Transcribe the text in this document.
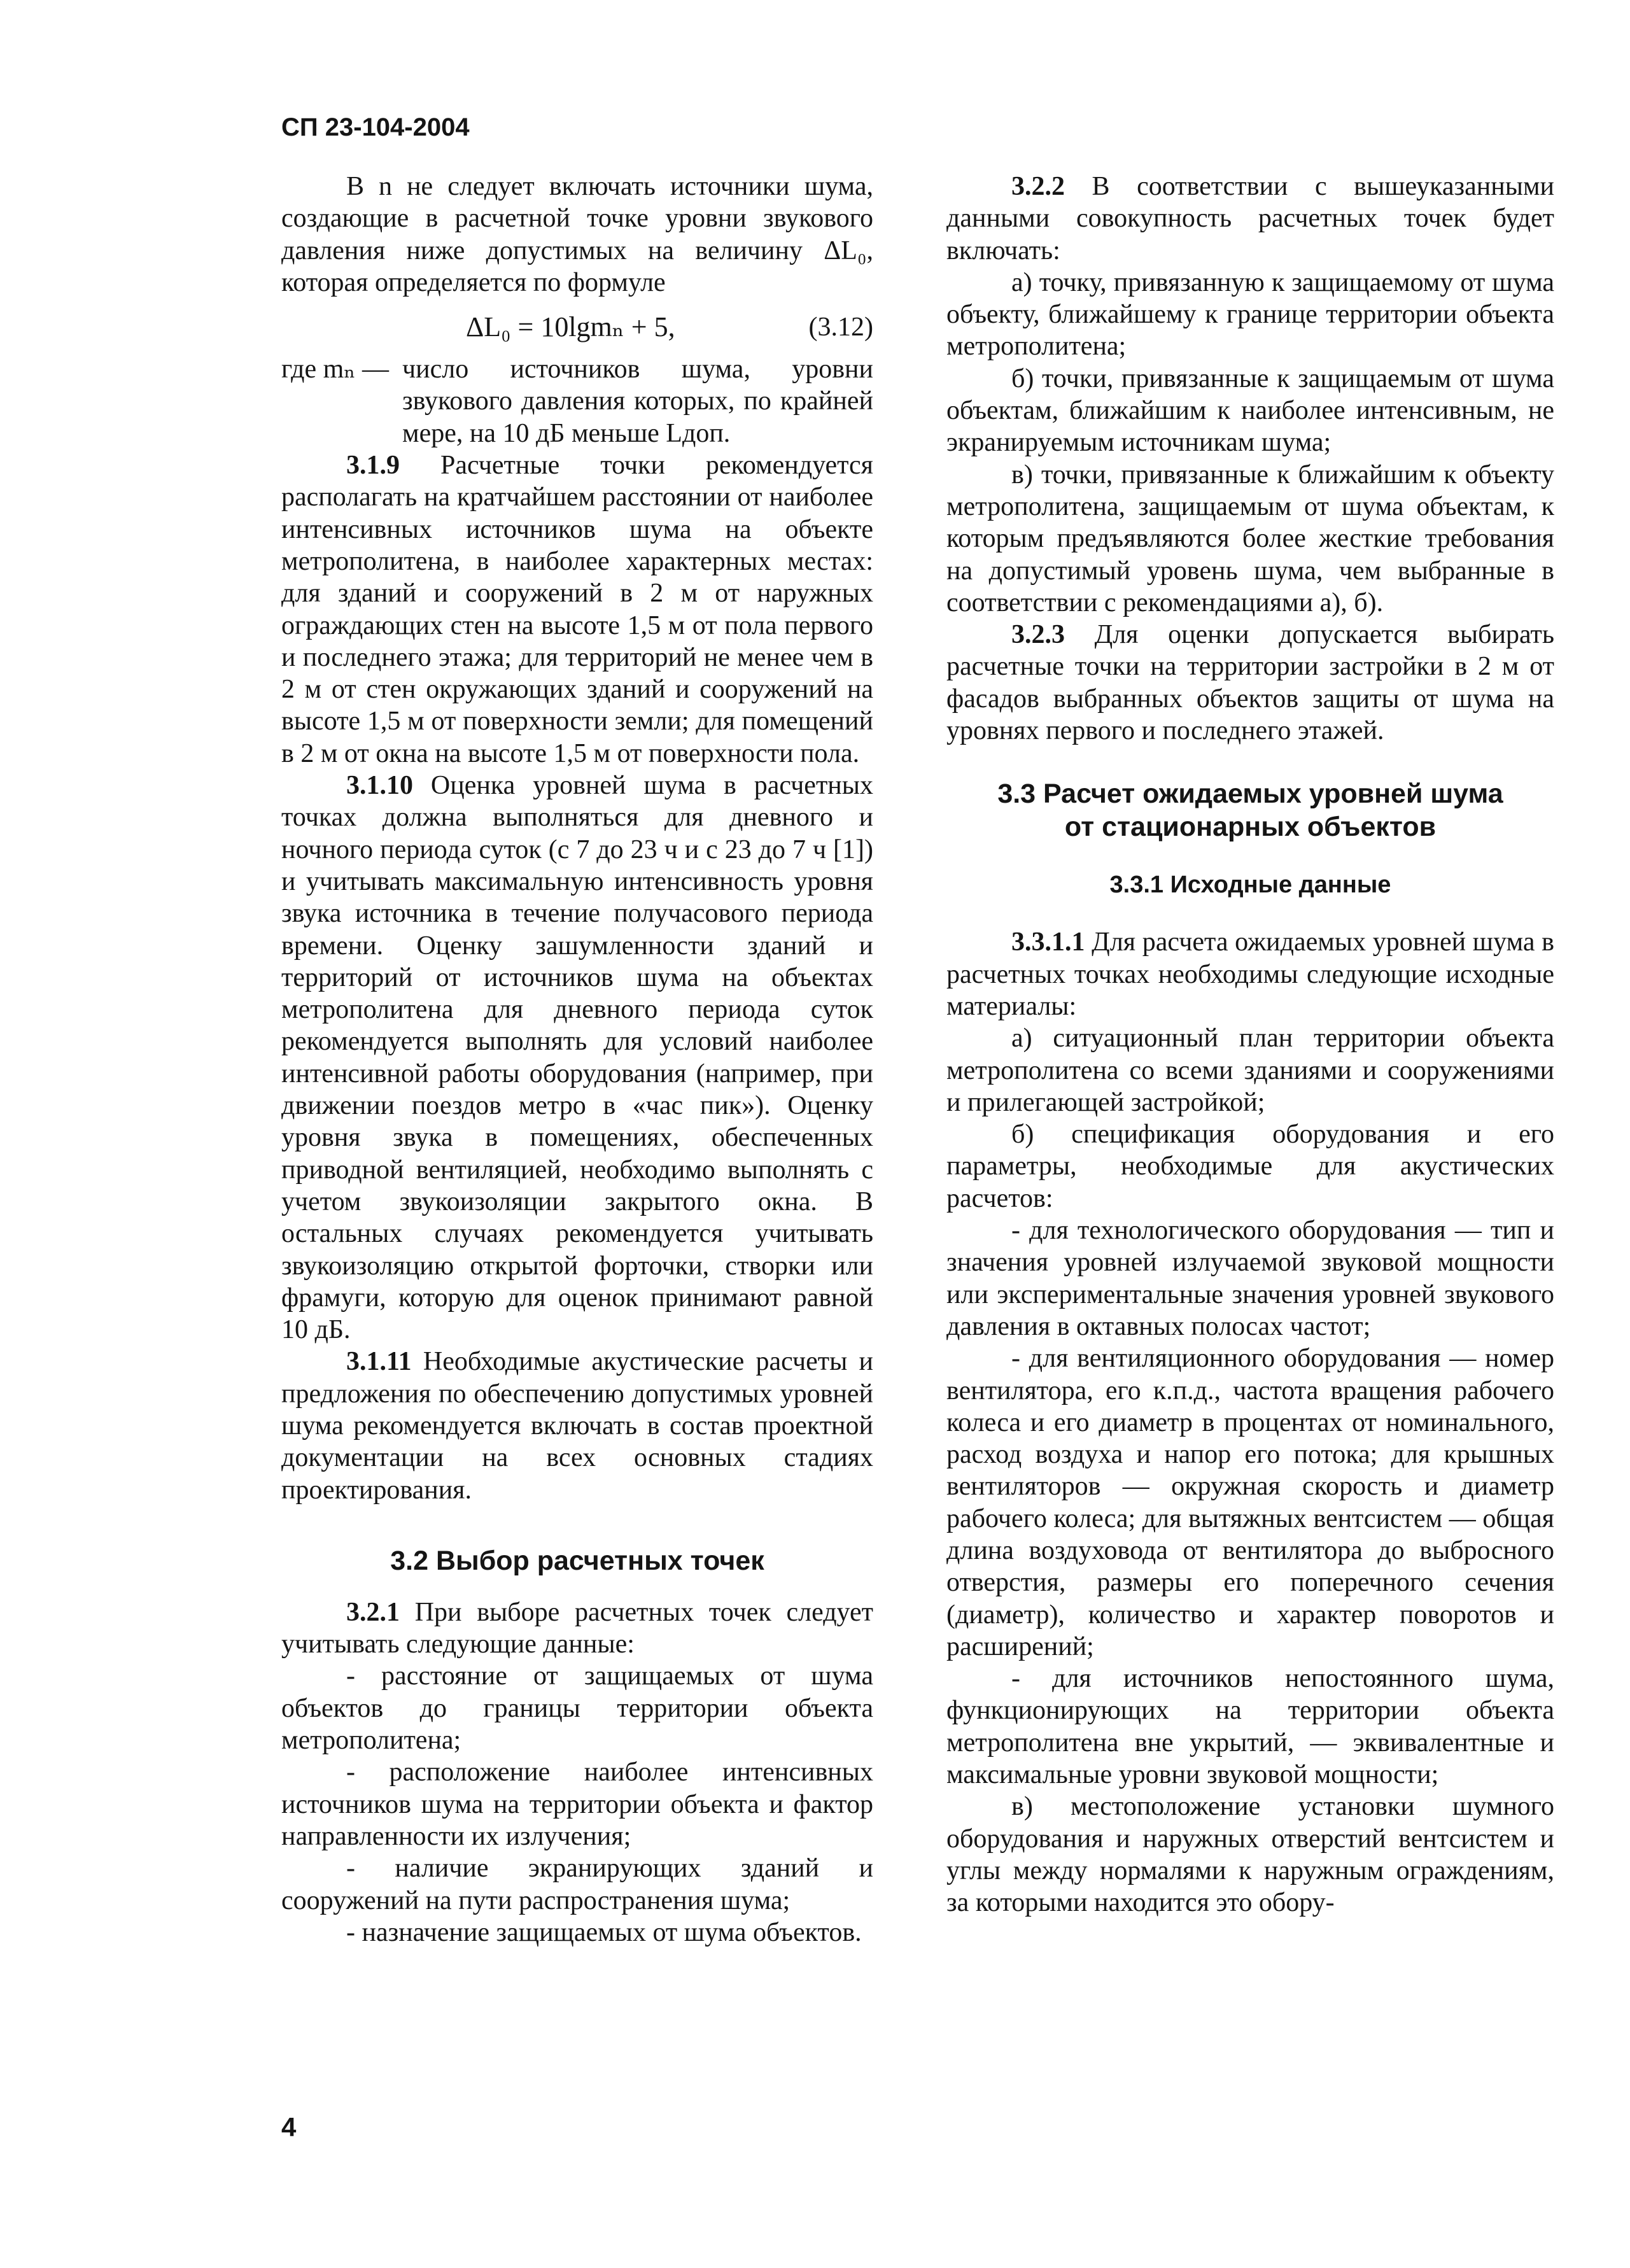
СП 23-104-2004

В n не следует включать источники шума, создающие в расчетной точке уровни звукового давления ниже допустимых на величину ΔL₀, которая определяется по формуле

ΔL₀ = 10lgmₙ + 5,	(3.12)
где mₙ — число источников шума, уровни звукового давления которых, по крайней мере, на 10 дБ меньше Lдоп.

3.1.9 Расчетные точки рекомендуется располагать на кратчайшем расстоянии от наиболее интенсивных источников шума на объекте метрополитена, в наиболее характерных местах: для зданий и сооружений в 2 м от наружных ограждающих стен на высоте 1,5 м от пола первого и последнего этажа; для территорий не менее чем в 2 м от стен окружающих зданий и сооружений на высоте 1,5 м от поверхности земли; для помещений в 2 м от окна на высоте 1,5 м от поверхности пола.

3.1.10 Оценка уровней шума в расчетных точках должна выполняться для дневного и ночного периода суток (с 7 до 23 ч и с 23 до 7 ч [1]) и учитывать максимальную интенсивность уровня звука источника в течение получасового периода времени. Оценку зашумленности зданий и территорий от источников шума на объектах метрополитена для дневного периода суток рекомендуется выполнять для условий наиболее интенсивной работы оборудования (например, при движении поездов метро в «час пик»). Оценку уровня звука в помещениях, обеспеченных приводной вентиляцией, необходимо выполнять с учетом звукоизоляции закрытого окна. В остальных случаях рекомендуется учитывать звукоизоляцию открытой форточки, створки или фрамуги, которую для оценок принимают равной 10 дБ.

3.1.11 Необходимые акустические расчеты и предложения по обеспечению допустимых уровней шума рекомендуется включать в состав проектной документации на всех основных стадиях проектирования.

3.2 Выбор расчетных точек

3.2.1 При выборе расчетных точек следует учитывать следующие данные:

- расстояние от защищаемых от шума объектов до границы территории объекта метрополитена;

- расположение наиболее интенсивных источников шума на территории объекта и фактор направленности их излучения;

- наличие экранирующих зданий и сооружений на пути распространения шума;

- назначение защищаемых от шума объектов.

3.2.2 В соответствии с вышеуказанными данными совокупность расчетных точек будет включать:

а) точку, привязанную к защищаемому от шума объекту, ближайшему к границе территории объекта метрополитена;

б) точки, привязанные к защищаемым от шума объектам, ближайшим к наиболее интенсивным, не экранируемым источникам шума;

в) точки, привязанные к ближайшим к объекту метрополитена, защищаемым от шума объектам, к которым предъявляются более жесткие требования на допустимый уровень шума, чем выбранные в соответствии с рекомендациями а), б).

3.2.3 Для оценки допускается выбирать расчетные точки на территории застройки в 2 м от фасадов выбранных объектов защиты от шума на уровнях первого и последнего этажей.

3.3 Расчет ожидаемых уровней шума

от стационарных объектов

3.3.1 Исходные данные

3.3.1.1 Для расчета ожидаемых уровней шума в расчетных точках необходимы следующие исходные материалы:

а) ситуационный план территории объекта метрополитена со всеми зданиями и сооружениями и прилегающей застройкой;

б) спецификация оборудования и его параметры, необходимые для акустических расчетов:

- для технологического оборудования — тип и значения уровней излучаемой звуковой мощности или экспериментальные значения уровней звукового давления в октавных полосах частот;

- для вентиляционного оборудования — номер вентилятора, его к.п.д., частота вращения рабочего колеса и его диаметр в процентах от номинального, расход воздуха и напор его потока; для крышных вентиляторов — окружная скорость и диаметр рабочего колеса; для вытяжных вентсистем — общая длина воздуховода от вентилятора до выбросного отверстия, размеры его поперечного сечения (диаметр), количество и характер поворотов и расширений;

- для источников непостоянного шума, функционирующих на территории объекта метрополитена вне укрытий, — эквивалентные и максимальные уровни звуковой мощности;

в) местоположение установки шумного оборудования и наружных отверстий вентсистем и углы между нормалями к наружным ограждениям, за которыми находится это обору-

4
